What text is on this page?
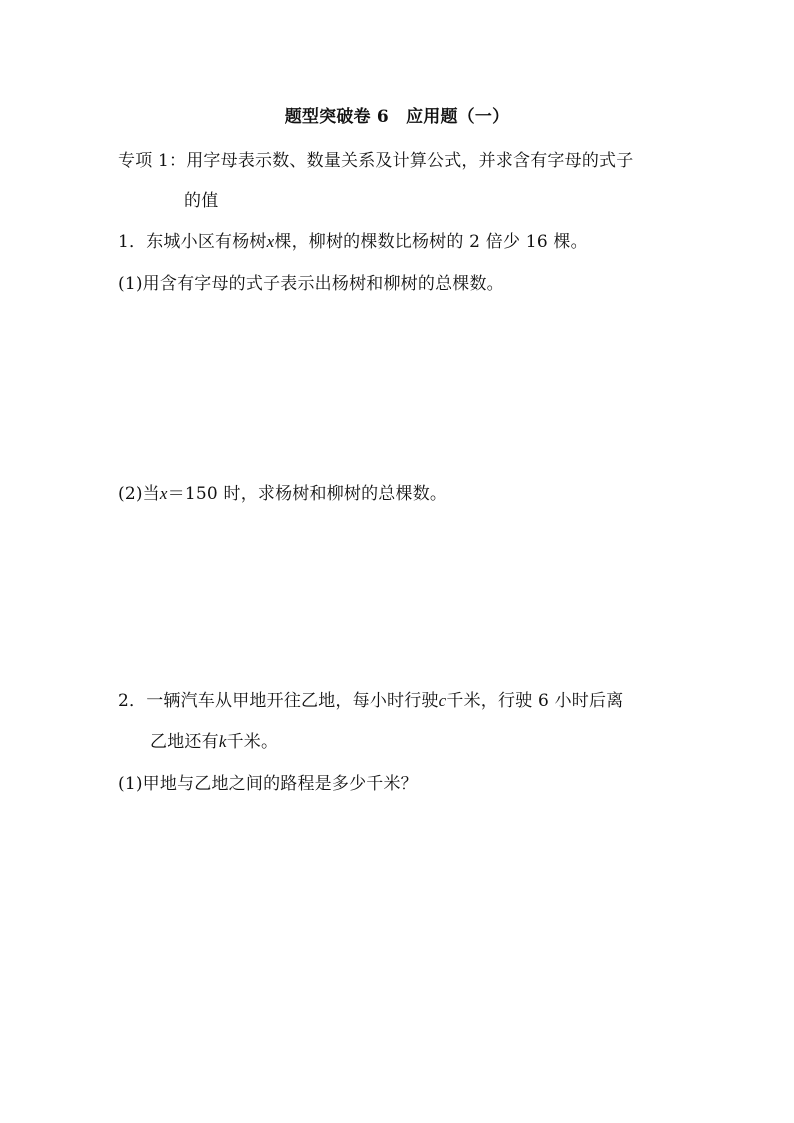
题型突破卷 6　应用题（一）
专项 1：用字母表示数、数量关系及计算公式，并求含有字母的式子
的值
1．东城小区有杨树x棵，柳树的棵数比杨树的 2 倍少 16 棵。
(1)用含有字母的式子表示出杨树和柳树的总棵数。
(2)当x＝150 时，求杨树和柳树的总棵数。
2．一辆汽车从甲地开往乙地，每小时行驶c千米，行驶 6 小时后离
乙地还有k千米。
(1)甲地与乙地之间的路程是多少千米？
